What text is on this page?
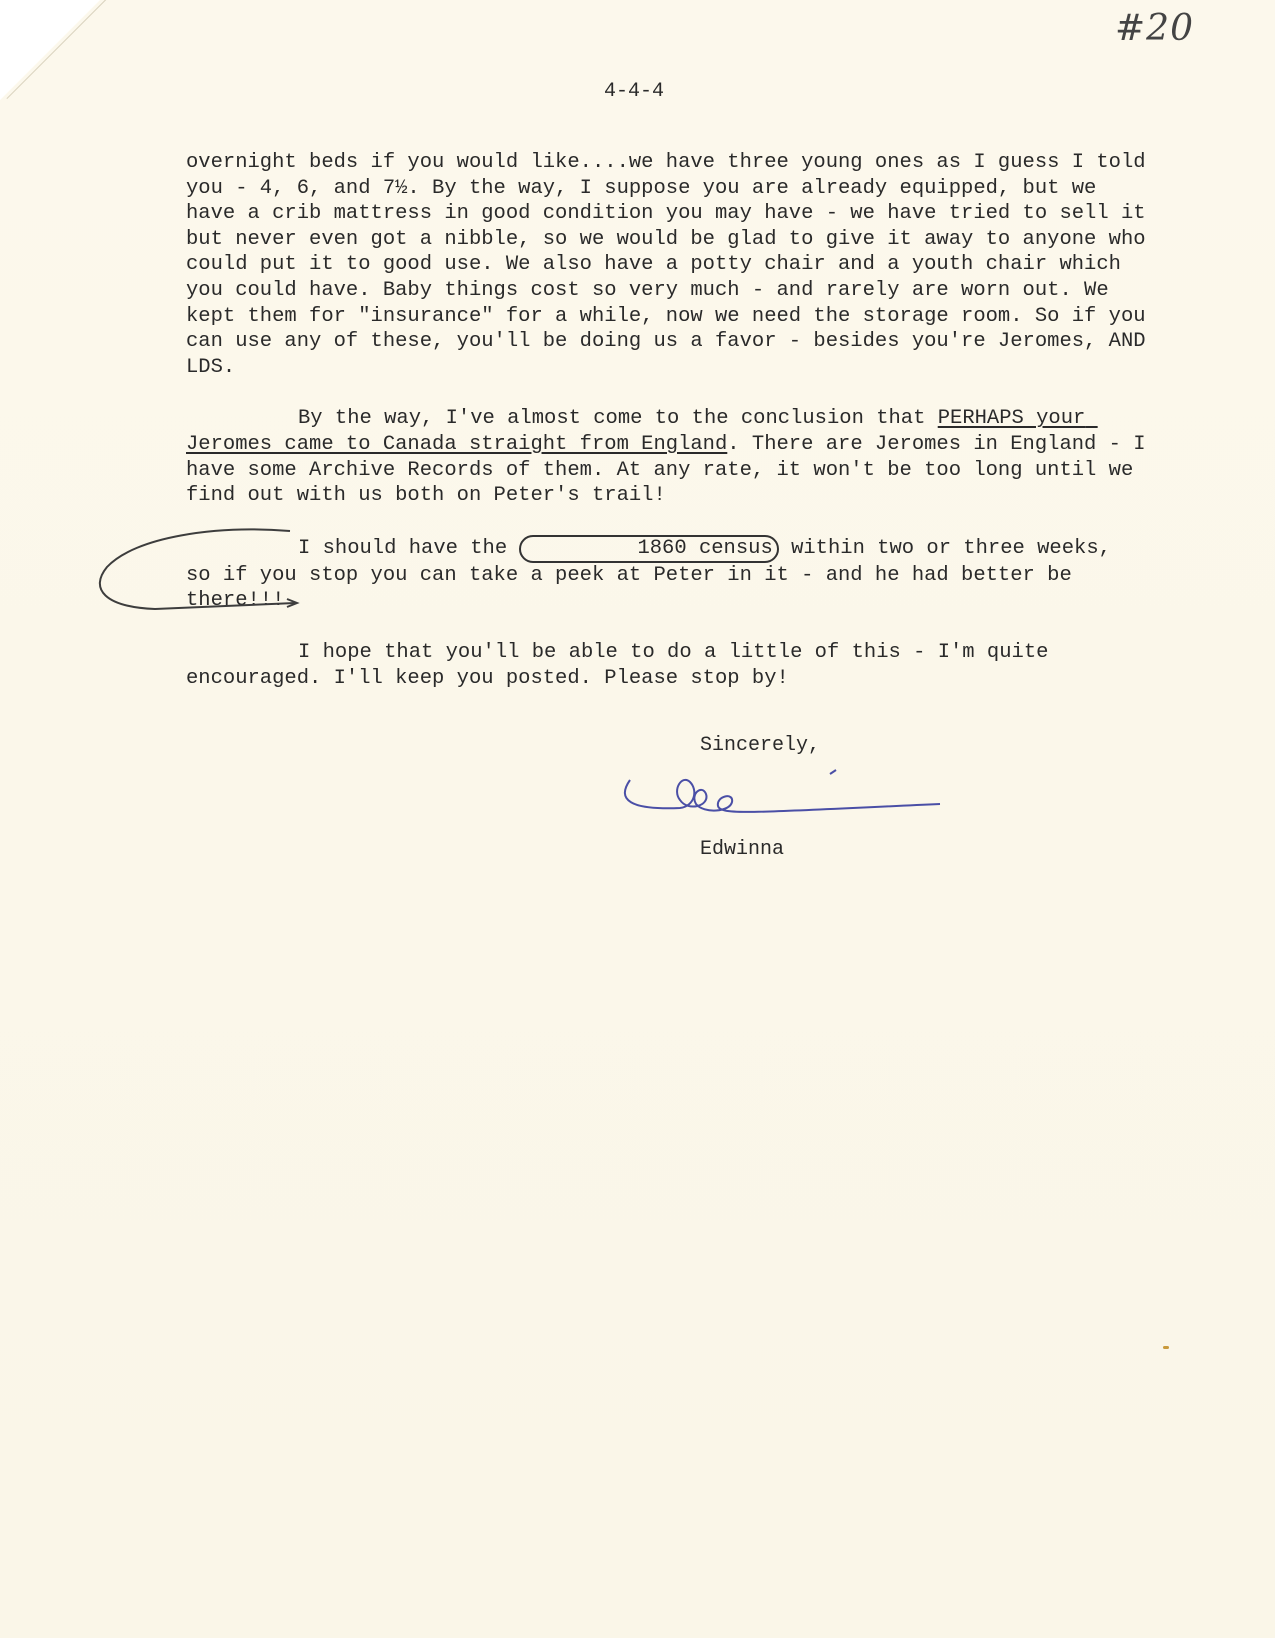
#20
4-4-4

overnight beds if you would like....we have three young ones as I guess I told you - 4, 6, and 7½. By the way, I suppose you are already equipped, but we have a crib mattress in good condition you may have - we have tried to sell it but never even got a nibble, so we would be glad to give it away to anyone who could put it to good use. We also have a potty chair and a youth chair which you could have. Baby things cost so very much - and rarely are worn out. We kept them for "insurance" for a while, now we need the storage room. So if you can use any of these, you'll be doing us a favor - besides you're Jeromes, AND LDS.

By the way, I've almost come to the conclusion that PERHAPS your Jeromes came to Canada straight from England. There are Jeromes in England - I have some Archive Records of them. At any rate, it won't be too long until we find out with us both on Peter's trail!

I should have the	1860 census within two or three weeks, so if you stop you can take a peek at Peter in it - and he had better be there!!!

I hope that you'll be able to do a little of this - I'm quite encouraged. I'll keep you posted. Please stop by!

Sincerely,
Edwinna
